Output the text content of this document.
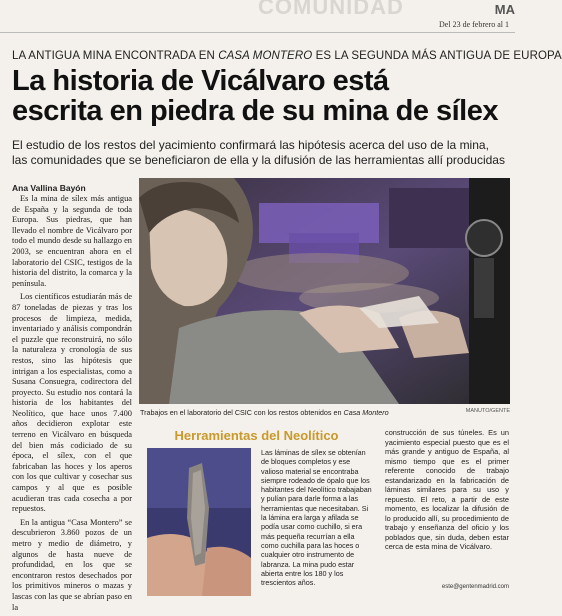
COMUNIDAD	MA
Del 23 de febrero al 1
LA ANTIGUA MINA ENCONTRADA EN CASA MONTERO ES LA SEGUNDA MÁS ANTIGUA DE EUROPA
La historia de Vicálvaro está
escrita en piedra de su mina de sílex
El estudio de los restos del yacimiento confirmará las hipótesis acerca del uso de la mina,
las comunidades que se beneficiaron de ella y la difusión de las herramientas allí producidas
Ana Vallina Bayón

Es la mina de sílex más antigua de España y la segunda de toda Europa. Sus piedras, que han llevado el nombre de Vicálvaro por todo el mundo desde su hallazgo en 2003, se encuentran ahora en el laboratorio del CSIC, testigos de la historia del distrito, la comarca y la península.

Los científicos estudiarán más de 87 toneladas de piezas y tras los procesos de limpieza, medida, inventariado y análisis compondrán el puzzle que reconstruirá, no sólo la naturaleza y cronología de sus restos, sino las hipótesis que intrigan a los especialistas, como a Susana Consuegra, codirectora del proyecto. Su estudio nos contará la historia de los habitantes del Neolítico, que hace unos 7.400 años decidieron explotar este terreno en Vicálvaro en búsqueda del bien más codiciado de su época, el sílex, con el que fabricaban las hoces y los aperos con los que cultivar y cosechar sus campos y al que es posible acudieran tras cada cosecha a por repuestos.

En la antigua “Casa Montero” se descubrieron 3.860 pozos de un metro y medio de diámetro, y algunos de hasta nueve de profundidad, en los que se encontraron restos desechados por los primitivos mineros o mazas y lascas con las que se abrían paso en la

Trabajos en el laboratorio del CSIC con los restos obtenidos en Casa Montero	MANUTO/GENTE
Herramientas del Neolítico

Las láminas de sílex se obtenían de bloques completos y ese valioso material se encontraba siempre rodeado de ópalo que los habitantes del Neolítico trabajaban y pulían para darle forma a las herramientas que necesitaban. Si la lámina era larga y afilada se podía usar como cuchillo, si era más pequeña recurrían a ella como cuchilla para las hoces o cualquier otro instrumento de labranza. La mina pudo estar abierta entre los 180 y los trescientos años.

construcción de sus túneles. Es un yacimiento especial puesto que es el más grande y antiguo de España, al mismo tiempo que es el primer referente conocido de trabajo estandarizado en la fabricación de láminas similares para su uso y repuesto. El reto, a partir de este momento, es localizar la difusión de lo producido allí, su procedimiento de trabajo y enseñanza del oficio y los poblados que, sin duda, deben estar cerca de esta mina de Vicálvaro.

este@gentenmadrid.com
